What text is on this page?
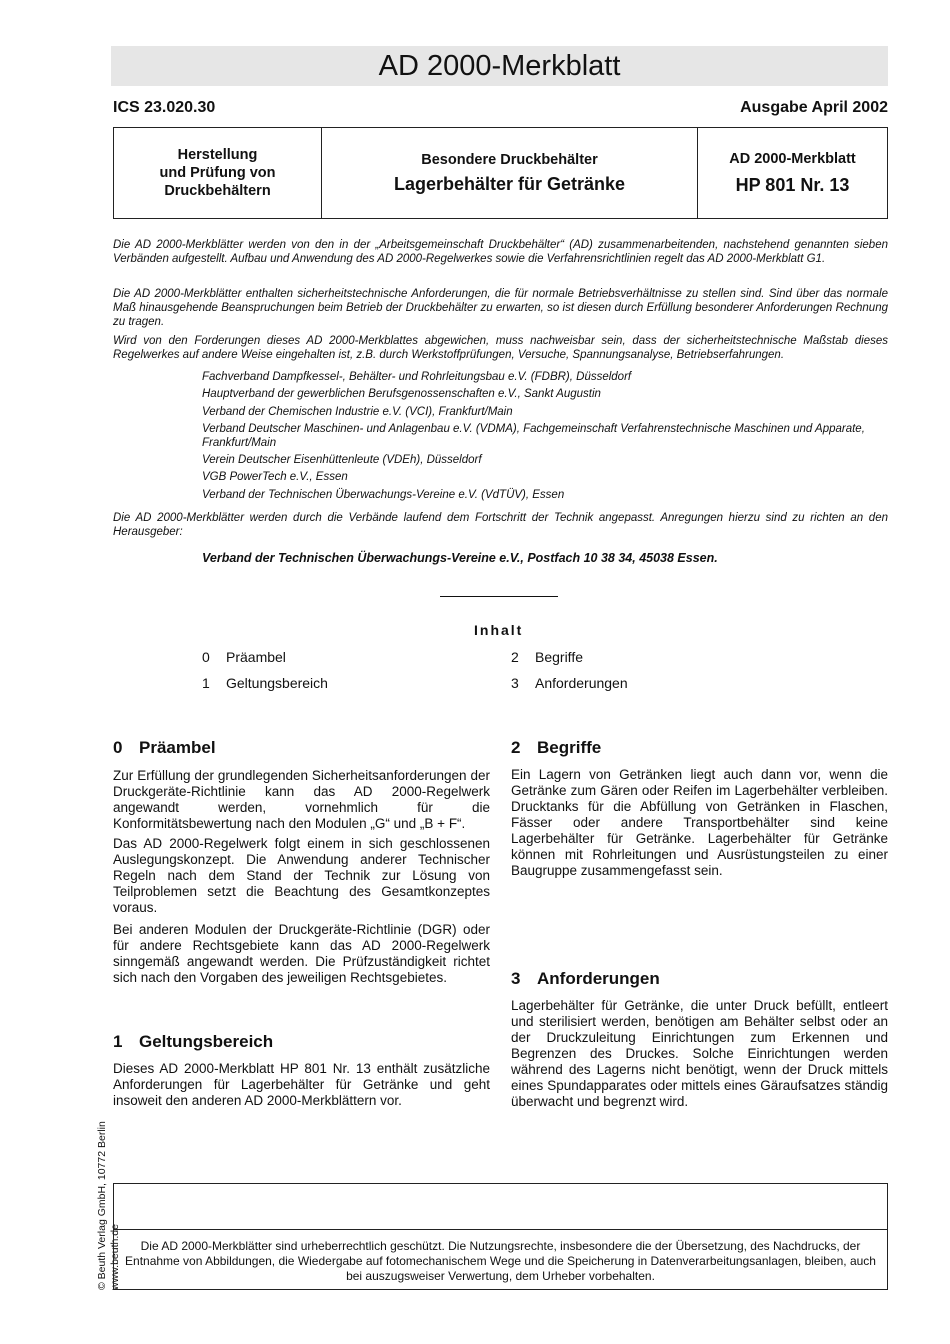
AD 2000-Merkblatt
ICS 23.020.30	Ausgabe April 2002
Herstellung
und Prüfung von
Druckbehältern
Besondere Druckbehälter
Lagerbehälter für Getränke
AD 2000-Merkblatt
HP 801 Nr. 13

Die AD 2000-Merkblätter werden von den in der „Arbeitsgemeinschaft Druckbehälter“ (AD) zusammenarbeitenden, nachstehend genannten sieben Verbänden aufgestellt. Aufbau und Anwendung des AD 2000-Regelwerkes sowie die Verfahrensrichtlinien regelt das AD 2000-Merkblatt G1.

Die AD 2000-Merkblätter enthalten sicherheitstechnische Anforderungen, die für normale Betriebsverhältnisse zu stellen sind. Sind über das normale Maß hinausgehende Beanspruchungen beim Betrieb der Druckbehälter zu erwarten, so ist diesen durch Erfüllung besonderer Anforderungen Rechnung zu tragen.

Wird von den Forderungen dieses AD 2000-Merkblattes abgewichen, muss nachweisbar sein, dass der sicherheitstechnische Maßstab dieses Regelwerkes auf andere Weise eingehalten ist, z.B. durch Werkstoffprüfungen, Versuche, Spannungsanalyse, Betriebserfahrungen.

Fachverband Dampfkessel-, Behälter- und Rohrleitungsbau e.V. (FDBR), Düsseldorf
Hauptverband der gewerblichen Berufsgenossenschaften e.V., Sankt Augustin
Verband der Chemischen Industrie e.V. (VCI), Frankfurt/Main
Verband Deutscher Maschinen- und Anlagenbau e.V. (VDMA), Fachgemeinschaft Verfahrenstechnische Maschinen und Apparate, Frankfurt/Main
Verein Deutscher Eisenhüttenleute (VDEh), Düsseldorf
VGB PowerTech e.V., Essen
Verband der Technischen Überwachungs-Vereine e.V. (VdTÜV), Essen

Die AD 2000-Merkblätter werden durch die Verbände laufend dem Fortschritt der Technik angepasst. Anregungen hierzu sind zu richten an den Herausgeber:

Verband der Technischen Überwachungs-Vereine e.V., Postfach 10 38 34, 45038 Essen.
Inhalt
0 Präambel
1 Geltungsbereich
2 Begriffe
3 Anforderungen
0 Präambel

Zur Erfüllung der grundlegenden Sicherheitsanforderungen der Druckgeräte-Richtlinie kann das AD 2000-Regelwerk angewandt werden, vornehmlich für die Konformitätsbewertung nach den Modulen „G“ und „B + F“.

Das AD 2000-Regelwerk folgt einem in sich geschlossenen Auslegungskonzept. Die Anwendung anderer Technischer Regeln nach dem Stand der Technik zur Lösung von Teilproblemen setzt die Beachtung des Gesamtkonzeptes voraus.

Bei anderen Modulen der Druckgeräte-Richtlinie (DGR) oder für andere Rechtsgebiete kann das AD 2000-Regelwerk sinngemäß angewandt werden. Die Prüfzuständigkeit richtet sich nach den Vorgaben des jeweiligen Rechtsgebietes.

1 Geltungsbereich

Dieses AD 2000-Merkblatt HP 801 Nr. 13 enthält zusätzliche Anforderungen für Lagerbehälter für Getränke und geht insoweit den anderen AD 2000-Merkblättern vor.

2 Begriffe

Ein Lagern von Getränken liegt auch dann vor, wenn die Getränke zum Gären oder Reifen im Lagerbehälter verbleiben. Drucktanks für die Abfüllung von Getränken in Flaschen, Fässer oder andere Transportbehälter sind keine Lagerbehälter für Getränke. Lagerbehälter für Getränke können mit Rohrleitungen und Ausrüstungsteilen zu einer Baugruppe zusammengefasst sein.

3 Anforderungen

Lagerbehälter für Getränke, die unter Druck befüllt, entleert und sterilisiert werden, benötigen am Behälter selbst oder an der Druckzuleitung Einrichtungen zum Erkennen und Begrenzen des Druckes. Solche Einrichtungen werden während des Lagerns nicht benötigt, wenn der Druck mittels eines Spundapparates oder mittels eines Gäraufsatzes ständig überwacht und begrenzt wird.

© Beuth Verlag GmbH, 10772 Berlin www.beuth.de	Die AD 2000-Merkblätter sind urheberrechtlich geschützt. Die Nutzungsrechte, insbesondere die der Übersetzung, des Nachdrucks, der Entnahme von Abbildungen, die Wiedergabe auf fotomechanischem Wege und die Speicherung in Datenverarbeitungsanlagen, bleiben, auch bei auszugsweiser Verwertung, dem Urheber vorbehalten.
